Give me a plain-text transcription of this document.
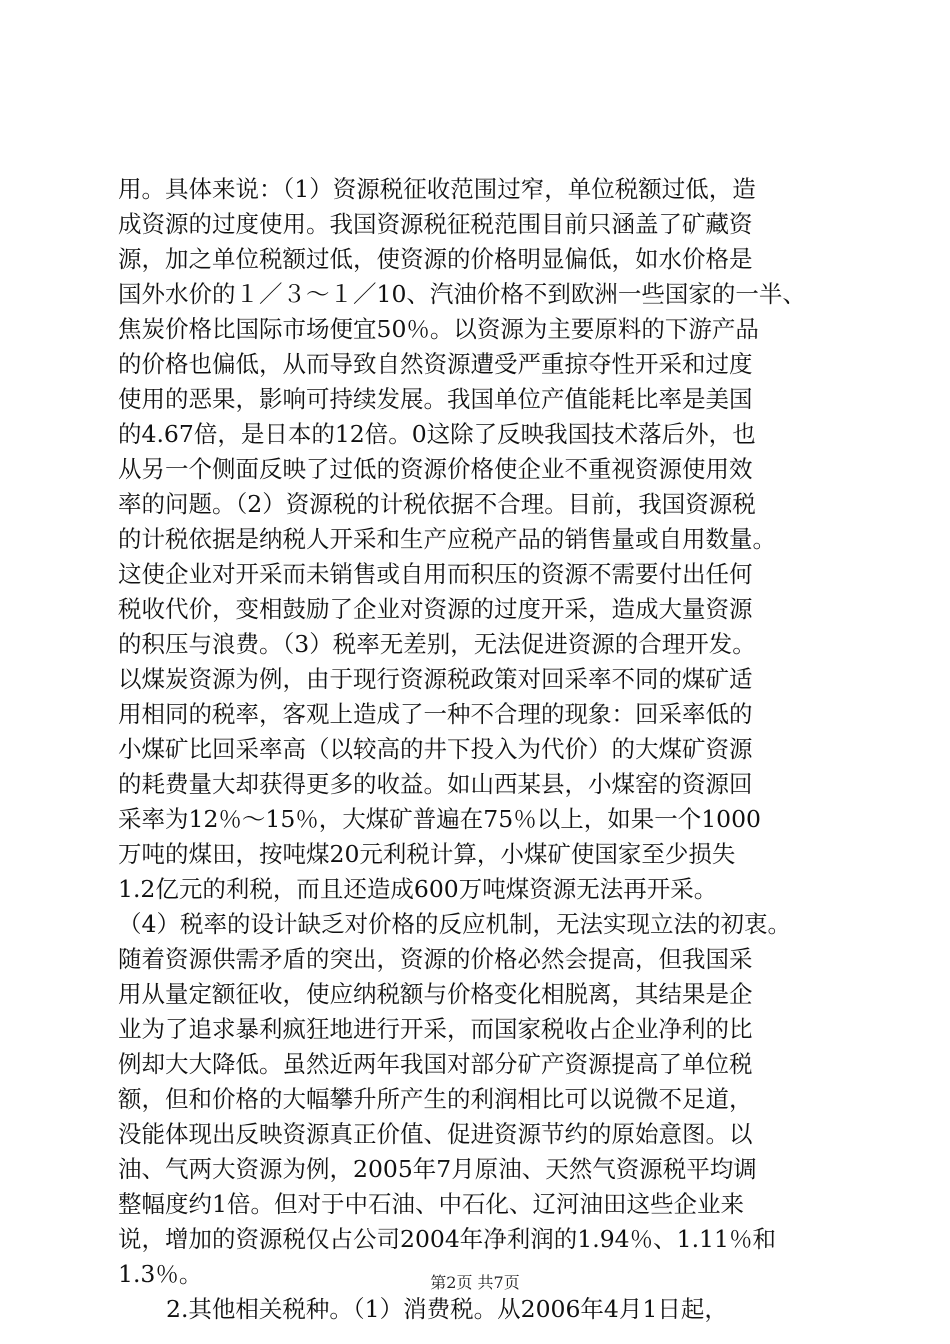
用。具体来说：（1）资源税征收范围过窄，单位税额过低，造
成资源的过度使用。我国资源税征税范围目前只涵盖了矿藏资
源，加之单位税额过低，使资源的价格明显偏低，如水价格是
国外水价的１／３～１／10、汽油价格不到欧洲一些国家的一半、
焦炭价格比国际市场便宜50％。以资源为主要原料的下游产品
的价格也偏低，从而导致自然资源遭受严重掠夺性开采和过度
使用的恶果，影响可持续发展。我国单位产值能耗比率是美国
的4.67倍，是日本的12倍。0这除了反映我国技术落后外，也
从另一个侧面反映了过低的资源价格使企业不重视资源使用效
率的问题。（2）资源税的计税依据不合理。目前，我国资源税
的计税依据是纳税人开采和生产应税产品的销售量或自用数量。
这使企业对开采而未销售或自用而积压的资源不需要付出任何
税收代价，变相鼓励了企业对资源的过度开采，造成大量资源
的积压与浪费。（3）税率无差别，无法促进资源的合理开发。
以煤炭资源为例，由于现行资源税政策对回采率不同的煤矿适
用相同的税率，客观上造成了一种不合理的现象：回采率低的
小煤矿比回采率高（以较高的井下投入为代价）的大煤矿资源
的耗费量大却获得更多的收益。如山西某县，小煤窑的资源回
采率为12％～15％，大煤矿普遍在75％以上，如果一个1000
万吨的煤田，按吨煤20元利税计算，小煤矿使国家至少损失
1.2亿元的利税，而且还造成600万吨煤资源无法再开采。
（4）税率的设计缺乏对价格的反应机制，无法实现立法的初衷。
随着资源供需矛盾的突出，资源的价格必然会提高，但我国采
用从量定额征收，使应纳税额与价格变化相脱离，其结果是企
业为了追求暴利疯狂地进行开采，而国家税收占企业净利的比
例却大大降低。虽然近两年我国对部分矿产资源提高了单位税
额，但和价格的大幅攀升所产生的利润相比可以说微不足道，
没能体现出反映资源真正价值、促进资源节约的原始意图。以
油、气两大资源为例，2005年7月原油、天然气资源税平均调
整幅度约1倍。但对于中石油、中石化、辽河油田这些企业来
说，增加的资源税仅占公司2004年净利润的1.94％、1.11％和
1.3％。
2.其他相关税种。（1）消费税。从2006年4月1日起，
第2页 共7页
